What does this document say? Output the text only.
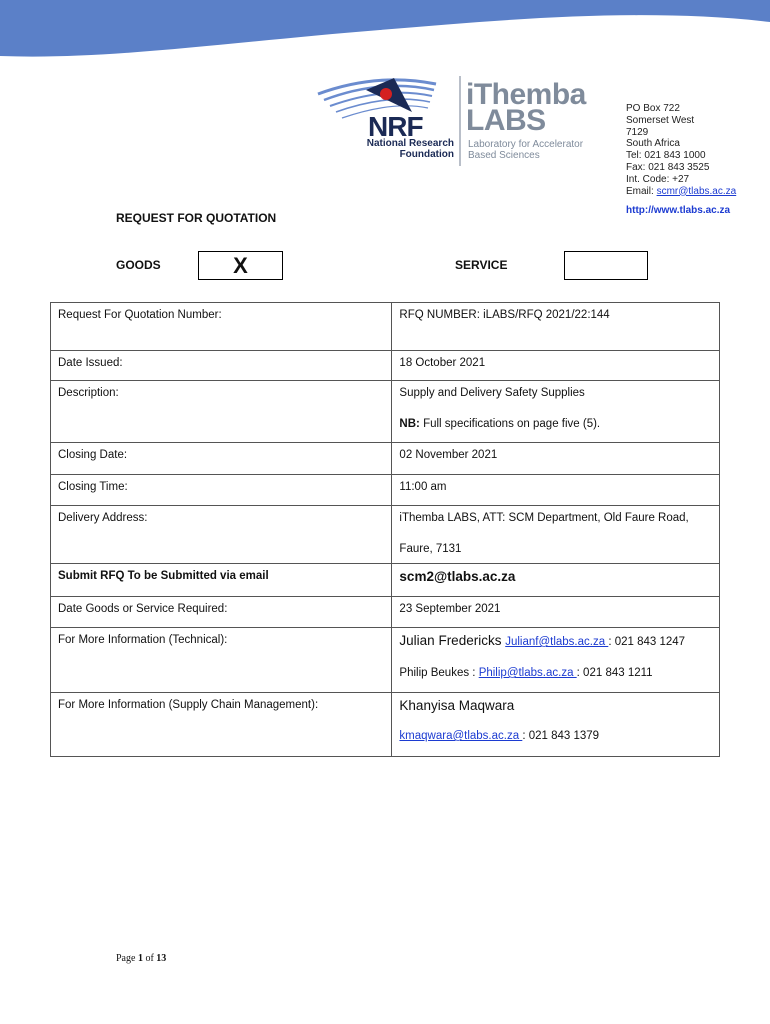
NRF
National Research
Foundation
iThemba
LABS
Laboratory for Accelerator
Based Sciences
PO Box 722
Somerset West
7129
South Africa
Tel: 021 843 1000
Fax: 021 843 3525
Int. Code: +27
Email: scmr@tlabs.ac.za
http://www.tlabs.ac.za
REQUEST FOR QUOTATION
GOODS	X	SERVICE
Request For Quotation Number:	RFQ NUMBER: iLABS/RFQ 2021/22:144
Date Issued:	18 October 2021
Description:	Supply and Delivery Safety Supplies
NB: Full specifications on page five (5).

Closing Date:	02 November 2021
Closing Time:	11:00 am
Delivery Address:	iThemba LABS, ATT: SCM Department, Old Faure Road,
Faure, 7131

Submit RFQ To be Submitted via email	scm2@tlabs.ac.za
Date Goods or Service Required:	23 September 2021
For More Information (Technical):	Julian Fredericks Julianf@tlabs.ac.za : 021 843 1247
Philip Beukes : Philip@tlabs.ac.za : 021 843 1211

For More Information (Supply Chain Management):	Khanyisa Maqwara
kmaqwara@tlabs.ac.za : 021 843 1379
Page 1 of 13
